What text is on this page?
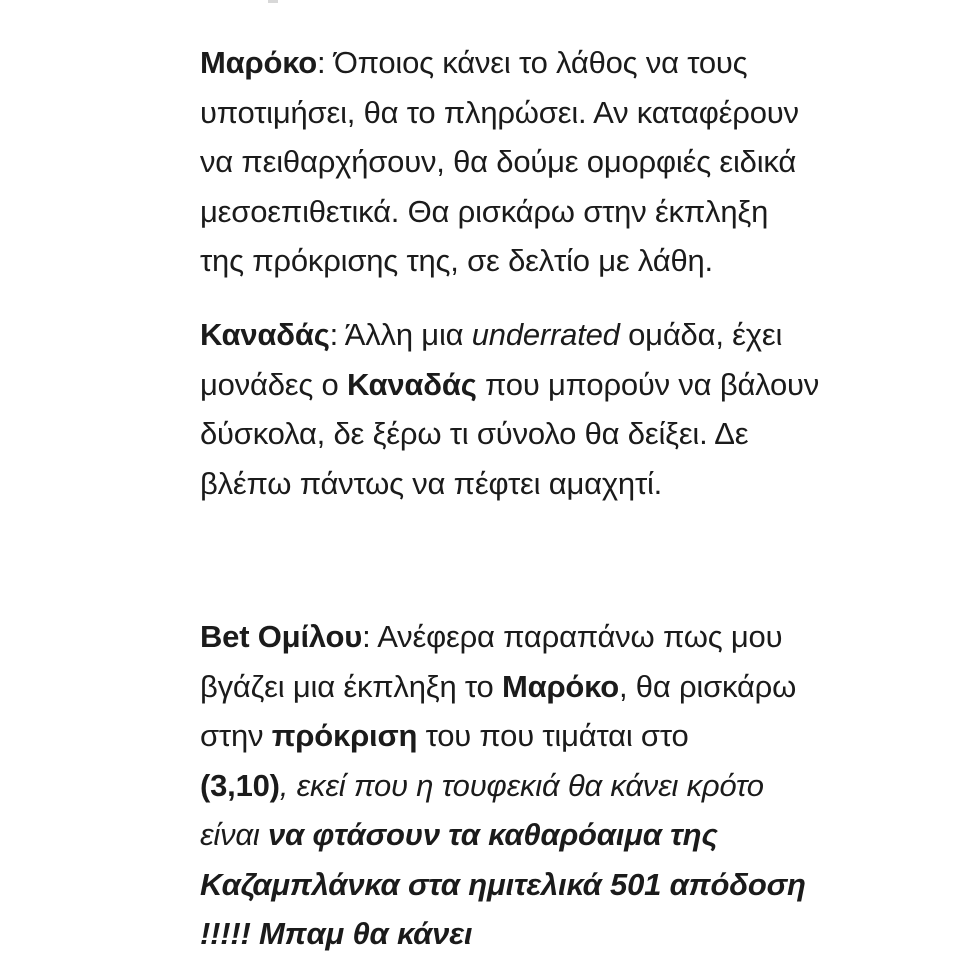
Μαρόκο: Όποιος κάνει το λάθος να τους
υποτιμήσει, θα το πληρώσει. Αν καταφέρουν
να πειθαρχήσουν, θα δούμε ομορφιές ειδικά
μεσοεπιθετικά. Θα ρισκάρω στην έκπληξη
της πρόκρισης της, σε δελτίο με λάθη.

Καναδάς: Άλλη μια underrated ομάδα, έχει
μονάδες ο Καναδάς που μπορούν να βάλουν
δύσκολα, δε ξέρω τι σύνολο θα δείξει. Δε
βλέπω πάντως να πέφτει αμαχητί.

Bet Ομίλου: Ανέφερα παραπάνω πως μου
βγάζει μια έκπληξη το Μαρόκο, θα ρισκάρω
στην πρόκριση του που τιμάται στο
(3,10), εκεί που η τουφεκιά θα κάνει κρότο
είναι να φτάσουν τα καθαρόαιμα της
Καζαμπλάνκα στα ημιτελικά 501 απόδοση
!!!!! Μπαμ θα κάνει
